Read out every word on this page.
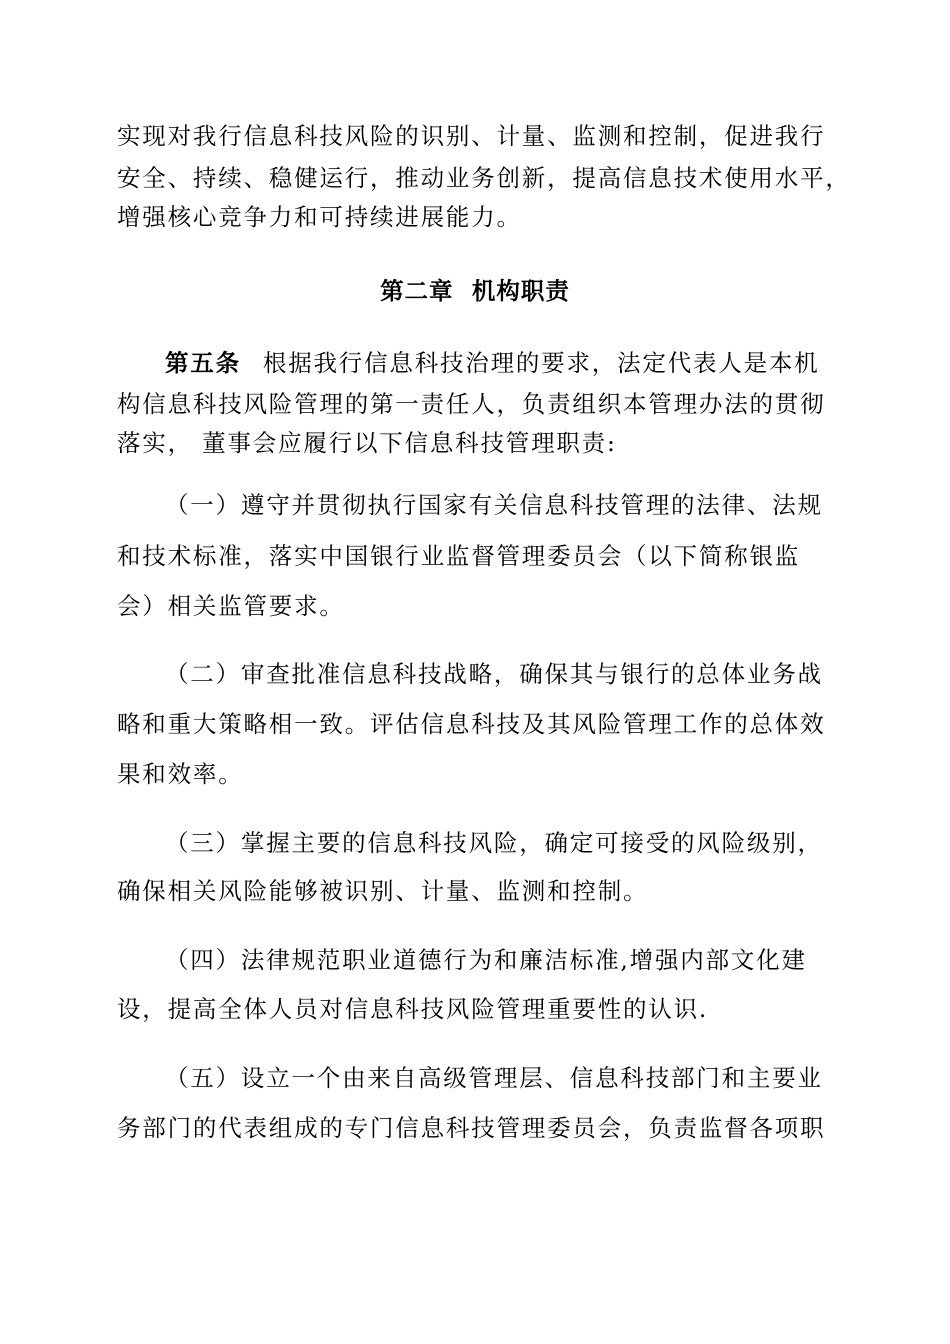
实现对我行信息科技风险的识别、计量、监测和控制，促进我行
安全、持续、稳健运行，推动业务创新，提高信息技术使用水平，
增强核心竞争力和可持续进展能力。
第二章  机构职责
第五条 根据我行信息科技治理的要求，法定代表人是本机
构信息科技风险管理的第一责任人，负责组织本管理办法的贯彻
落实， 董事会应履行以下信息科技管理职责:
（一）遵守并贯彻执行国家有关信息科技管理的法律、法规
和技术标准，落实中国银行业监督管理委员会（以下简称银监
会）相关监管要求。
（二）审查批准信息科技战略，确保其与银行的总体业务战
略和重大策略相一致。评估信息科技及其风险管理工作的总体效
果和效率。
（三）掌握主要的信息科技风险，确定可接受的风险级别，
确保相关风险能够被识别、计量、监测和控制。
（四）法律规范职业道德行为和廉洁标准,增强内部文化建
设，提高全体人员对信息科技风险管理重要性的认识.
（五）设立一个由来自高级管理层、信息科技部门和主要业
务部门的代表组成的专门信息科技管理委员会，负责监督各项职
